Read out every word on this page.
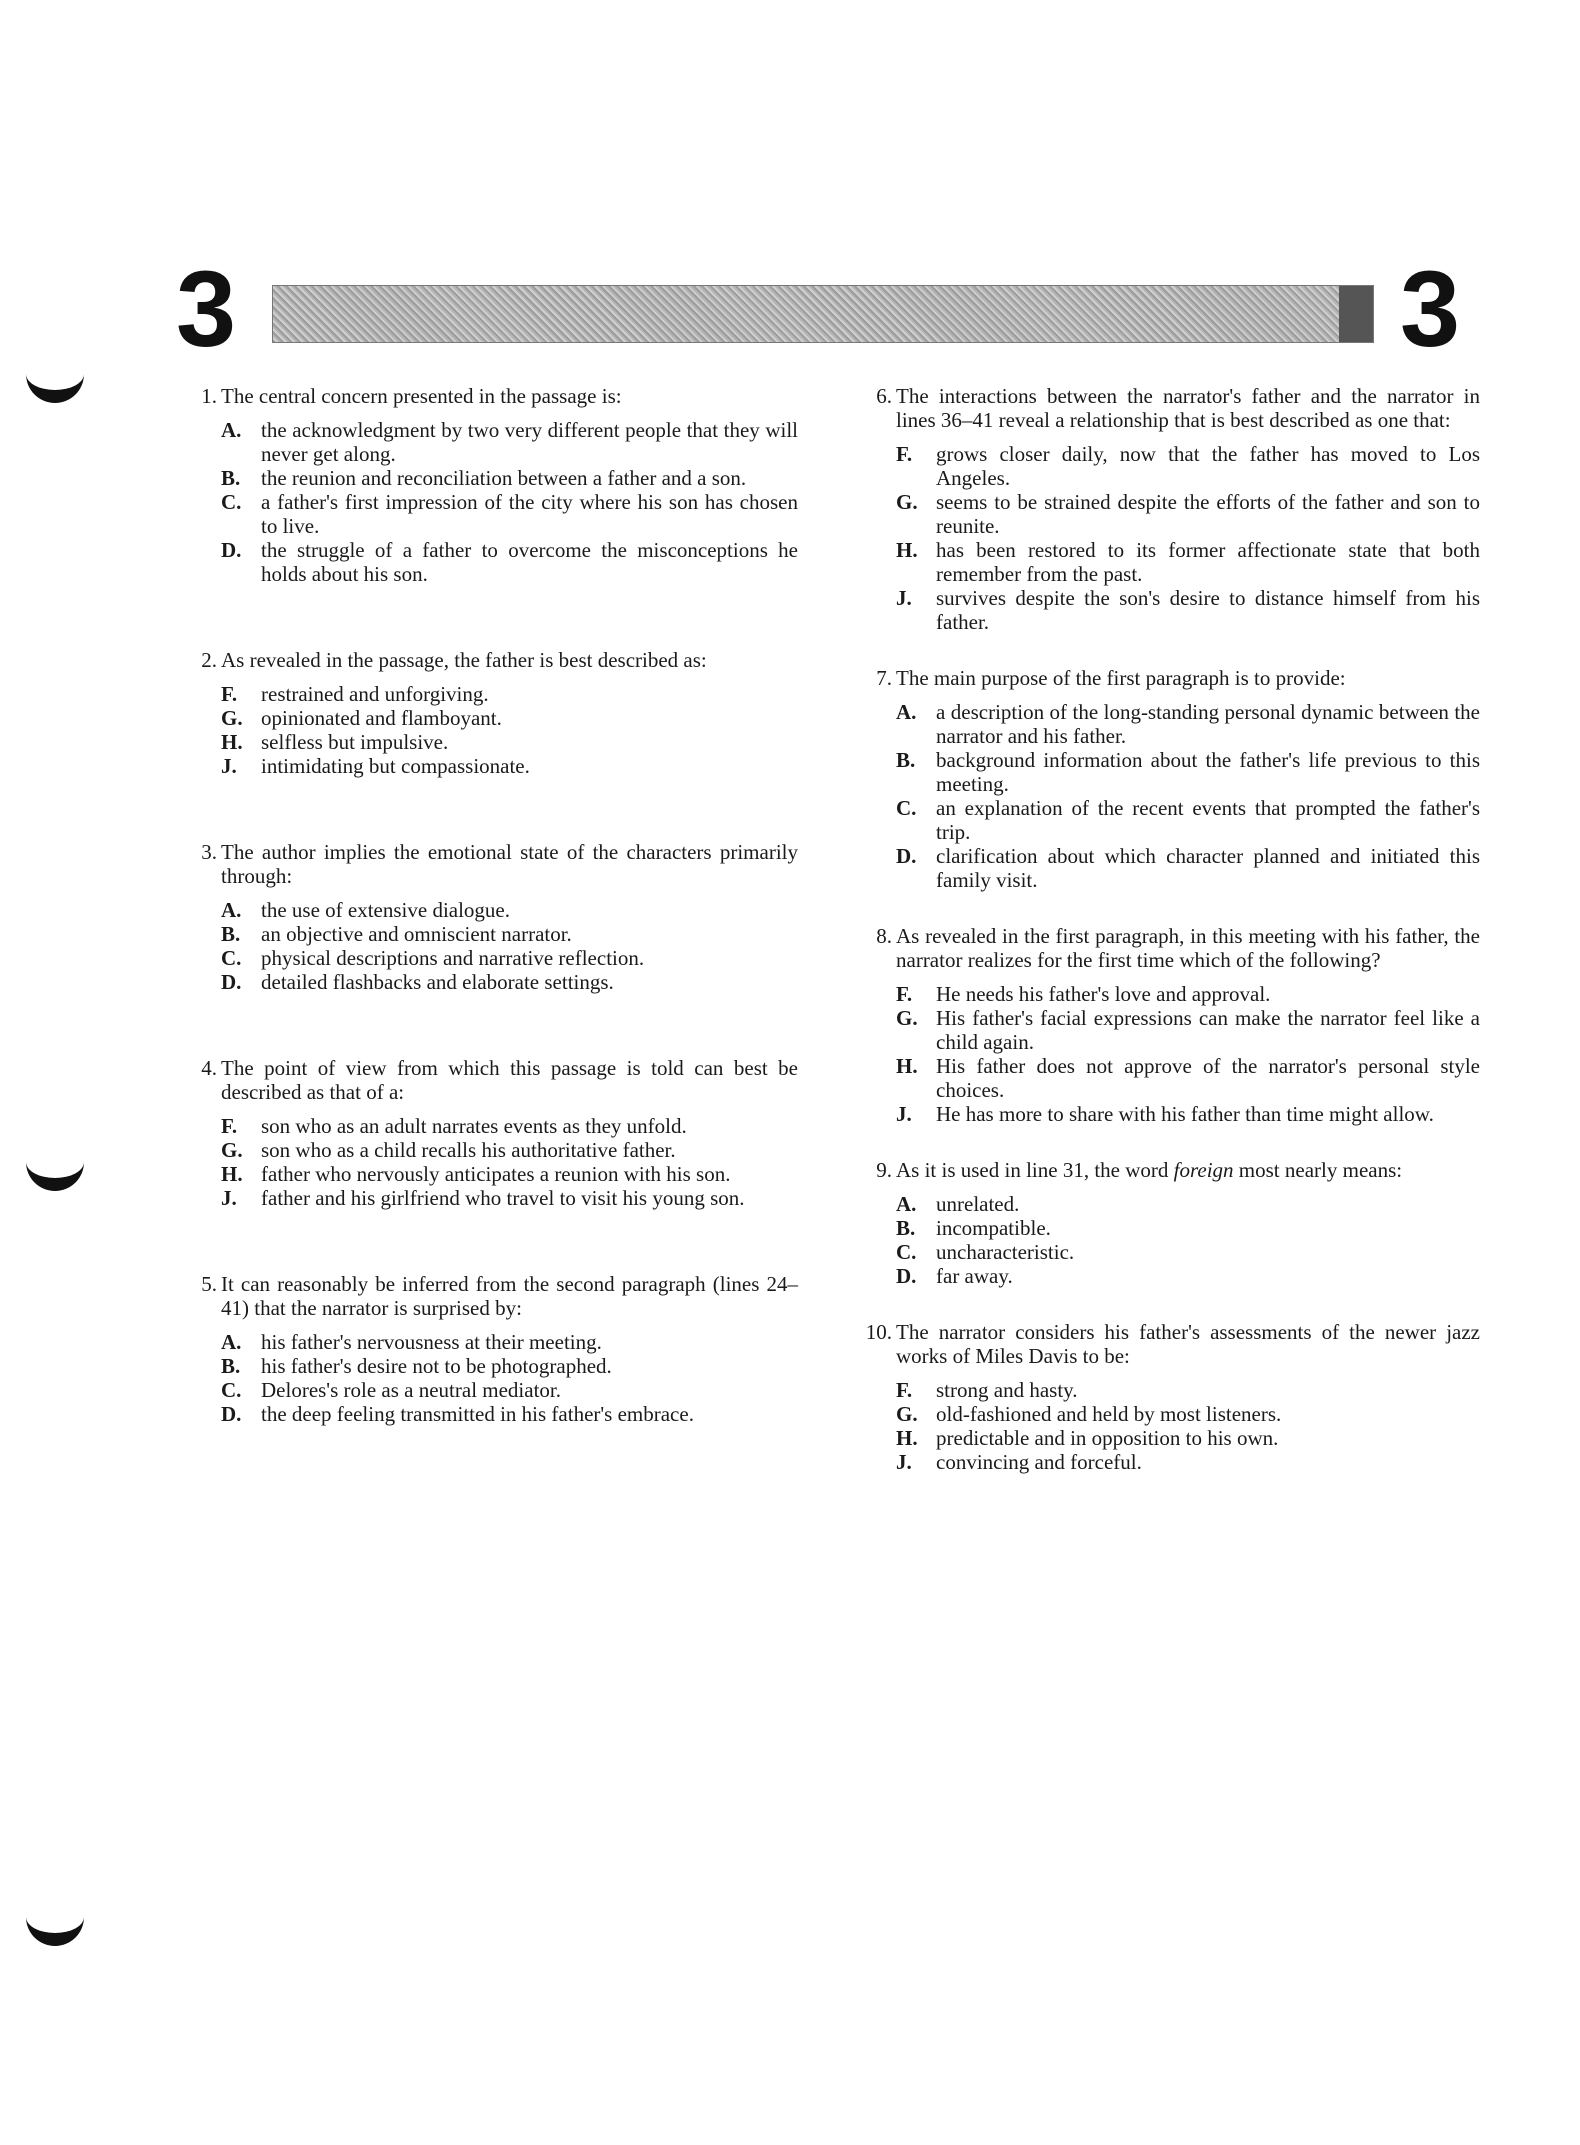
3	3
1 . The central concern presented in the passage is:
A . the acknowledgment by two very different people that they will never get along.
B . the reunion and reconciliation between a father and a son.
C . a father's first impression of the city where his son has chosen to live.
D . the struggle of a father to overcome the misconceptions he holds about his son.
2 . As revealed in the passage, the father is best described as:
F . restrained and unforgiving.
G . opinionated and flamboyant.
H . selfless but impulsive.
J . intimidating but compassionate.
3 . The author implies the emotional state of the characters primarily through:
A . the use of extensive dialogue.
B . an objective and omniscient narrator.
C . physical descriptions and narrative reflection.
D . detailed flashbacks and elaborate settings.
4 . The point of view from which this passage is told can best be described as that of a:
F . son who as an adult narrates events as they unfold.
G . son who as a child recalls his authoritative father.
H . father who nervously anticipates a reunion with his son.
J . father and his girlfriend who travel to visit his young son.
5 . It can reasonably be inferred from the second paragraph (lines 24–41) that the narrator is surprised by:
A . his father's nervousness at their meeting.
B . his father's desire not to be photographed.
C . Delores's role as a neutral mediator.
D . the deep feeling transmitted in his father's embrace.
6 . The interactions between the narrator's father and the narrator in lines 36–41 reveal a relationship that is best described as one that:
F . grows closer daily, now that the father has moved to Los Angeles.
G . seems to be strained despite the efforts of the father and son to reunite.
H . has been restored to its former affectionate state that both remember from the past.
J . survives despite the son's desire to distance himself from his father.
7 . The main purpose of the first paragraph is to provide:
A . a description of the long-standing personal dynamic between the narrator and his father.
B . background information about the father's life previous to this meeting.
C . an explanation of the recent events that prompted the father's trip.
D . clarification about which character planned and initiated this family visit.
8 . As revealed in the first paragraph, in this meeting with his father, the narrator realizes for the first time which of the following?
F . He needs his father's love and approval.
G . His father's facial expressions can make the narrator feel like a child again.
H . His father does not approve of the narrator's personal style choices.
J . He has more to share with his father than time might allow.
9 . As it is used in line 31, the word foreign most nearly means:
A . unrelated.
B . incompatible.
C . uncharacteristic.
D . far away.
10 . The narrator considers his father's assessments of the newer jazz works of Miles Davis to be:
F . strong and hasty.
G . old-fashioned and held by most listeners.
H . predictable and in opposition to his own.
J . convincing and forceful.
